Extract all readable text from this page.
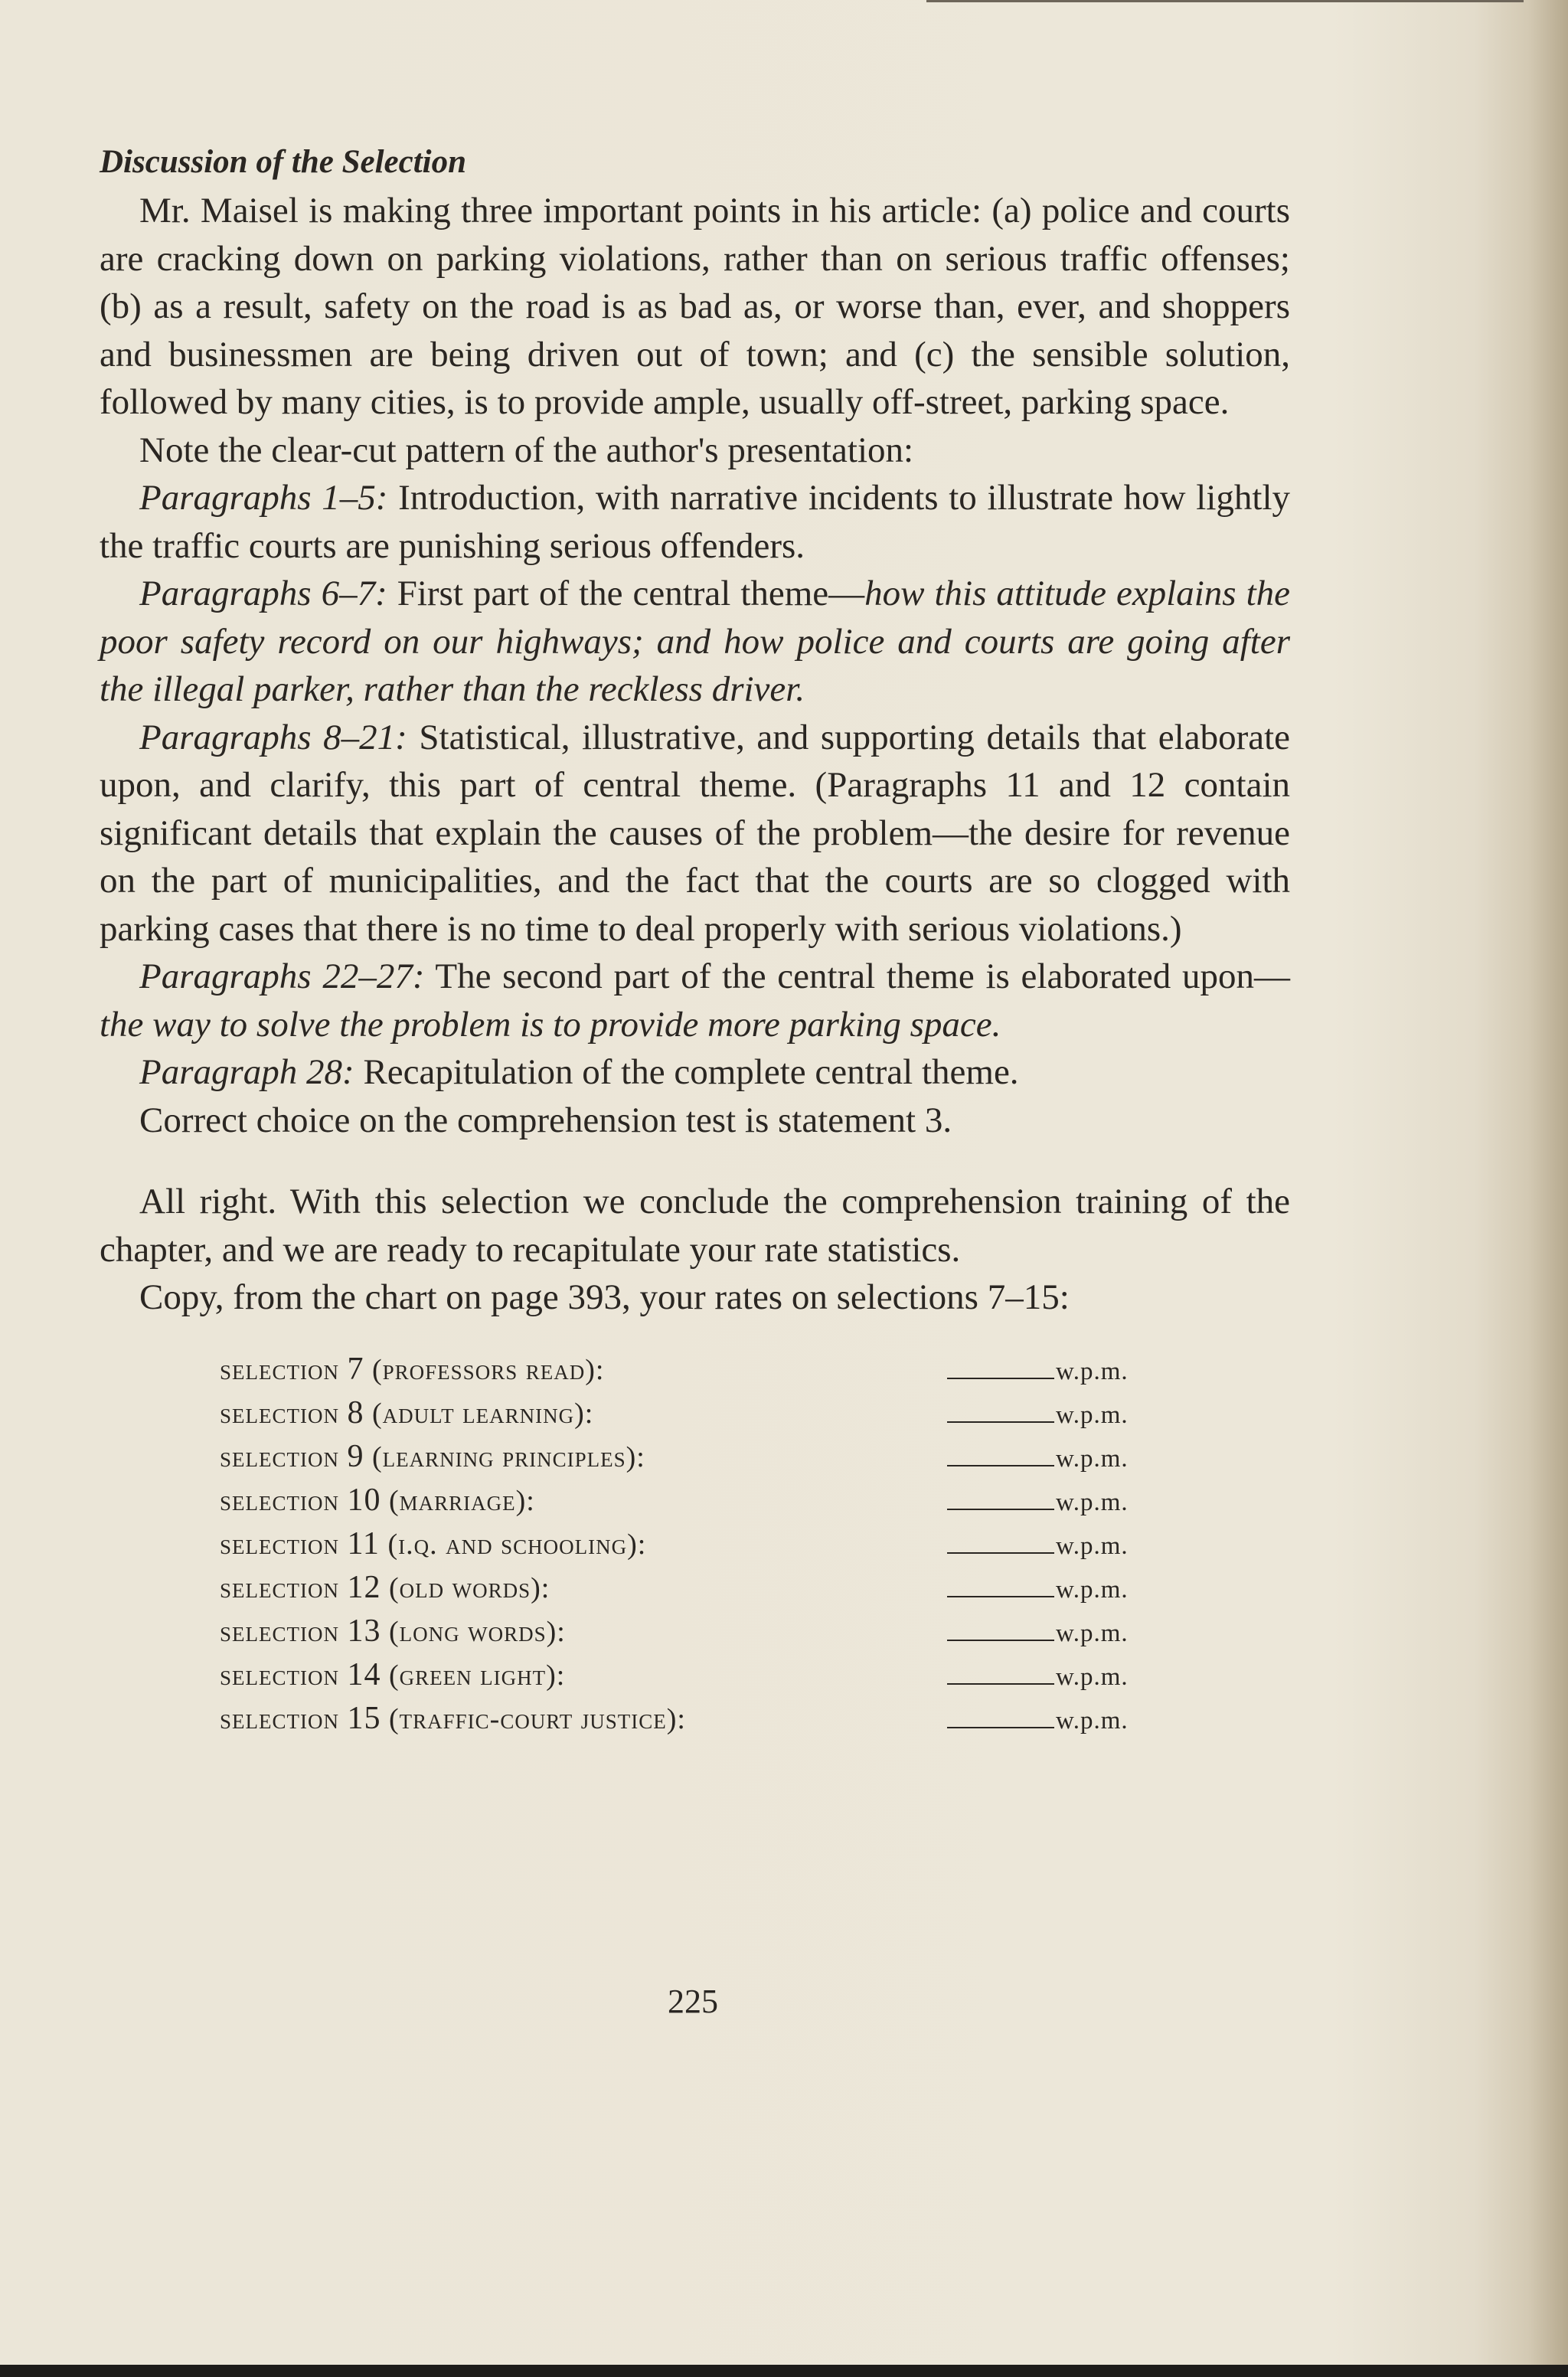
Discussion of the Selection

Mr. Maisel is making three important points in his article: (a) police and courts are cracking down on parking violations, rather than on serious traffic offenses; (b) as a result, safety on the road is as bad as, or worse than, ever, and shoppers and businessmen are being driven out of town; and (c) the sensible solution, followed by many cities, is to provide ample, usually off-street, parking space.

Note the clear-cut pattern of the author's presentation:

Paragraphs 1–5: Introduction, with narrative incidents to illustrate how lightly the traffic courts are punishing serious offenders.

Paragraphs 6–7: First part of the central theme—how this attitude explains the poor safety record on our highways; and how police and courts are going after the illegal parker, rather than the reckless driver.

Paragraphs 8–21: Statistical, illustrative, and supporting details that elaborate upon, and clarify, this part of central theme. (Paragraphs 11 and 12 contain significant details that explain the causes of the problem—the desire for revenue on the part of municipalities, and the fact that the courts are so clogged with parking cases that there is no time to deal properly with serious violations.)

Paragraphs 22–27: The second part of the central theme is elaborated upon—the way to solve the problem is to provide more parking space.

Paragraph 28: Recapitulation of the complete central theme.

Correct choice on the comprehension test is statement 3.

All right. With this selection we conclude the comprehension training of the chapter, and we are ready to recapitulate your rate statistics.

Copy, from the chart on page 393, your rates on selections 7–15:

selection 7 (professors read):	w.p.m.
selection 8 (adult learning):	w.p.m.
selection 9 (learning principles):	w.p.m.
selection 10 (marriage):	w.p.m.
selection 11 (i.q. and schooling):	w.p.m.
selection 12 (old words):	w.p.m.
selection 13 (long words):	w.p.m.
selection 14 (green light):	w.p.m.
selection 15 (traffic-court justice):	w.p.m.
225
